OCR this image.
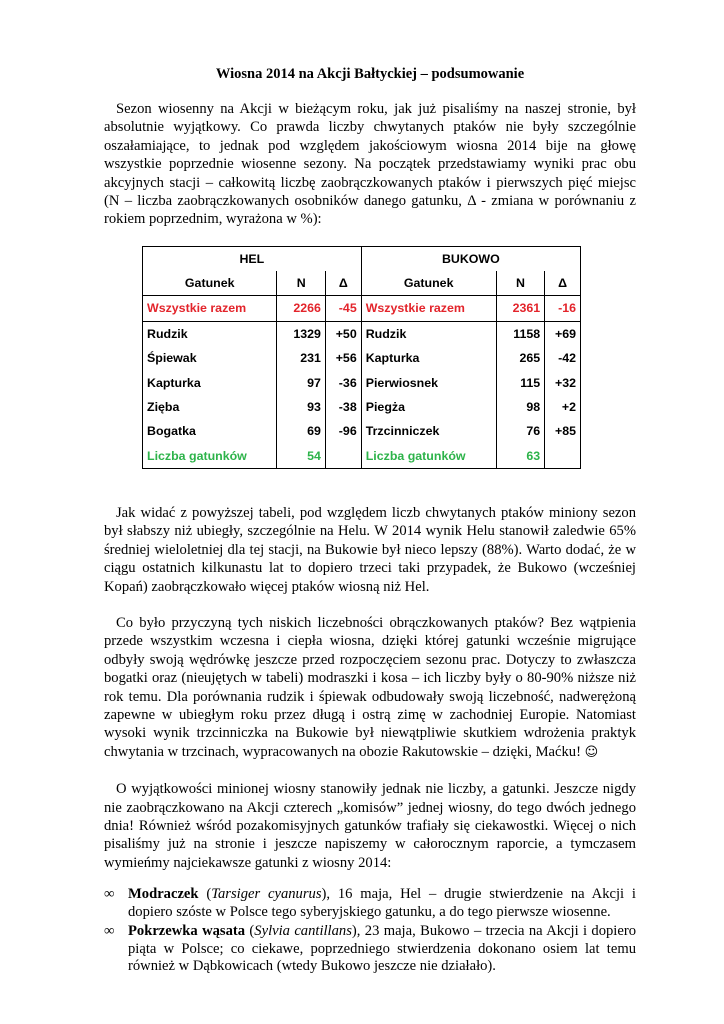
Wiosna 2014 na Akcji Bałtyckiej – podsumowanie

Sezon wiosenny na Akcji w bieżącym roku, jak już pisaliśmy na naszej stronie, był absolutnie wyjątkowy. Co prawda liczby chwytanych ptaków nie były szczególnie oszałamiające, to jednak pod względem jakościowym wiosna 2014 bije na głowę wszystkie poprzednie wiosenne sezony. Na początek przedstawiamy wyniki prac obu akcyjnych stacji – całkowitą liczbę zaobrączkowanych ptaków i pierwszych pięć miejsc (N – liczba zaobrączkowanych osobników danego gatunku, Δ - zmiana w porównaniu z rokiem poprzednim, wyrażona w %):

HEL			BUKOWO		
Gatunek	N	Δ	Gatunek	N	Δ
Wszystkie razem	2266	-45	Wszystkie razem	2361	-16
Rudzik	1329	+50	Rudzik	1158	+69
Śpiewak	231	+56	Kapturka	265	-42
Kapturka	97	-36	Pierwiosnek	115	+32
Zięba	93	-38	Piegża	98	+2
Bogatka	69	-96	Trzcinniczek	76	+85
Liczba gatunków	54		Liczba gatunków	63	

Jak widać z powyższej tabeli, pod względem liczb chwytanych ptaków miniony sezon był słabszy niż ubiegły, szczególnie na Helu. W 2014 wynik Helu stanowił zaledwie 65% średniej wieloletniej dla tej stacji, na Bukowie był nieco lepszy (88%). Warto dodać, że w ciągu ostatnich kilkunastu lat to dopiero trzeci taki przypadek, że Bukowo (wcześniej Kopań) zaobrączkowało więcej ptaków wiosną niż Hel.

Co było przyczyną tych niskich liczebności obrączkowanych ptaków? Bez wątpienia przede wszystkim wczesna i ciepła wiosna, dzięki której gatunki wcześnie migrujące odbyły swoją wędrówkę jeszcze przed rozpoczęciem sezonu prac. Dotyczy to zwłaszcza bogatki oraz (nieujętych w tabeli) modraszki i kosa – ich liczby były o 80-90% niższe niż rok temu. Dla porównania rudzik i śpiewak odbudowały swoją liczebność, nadwerężoną zapewne w ubiegłym roku przez długą i ostrą zimę w zachodniej Europie. Natomiast wysoki wynik trzcinniczka na Bukowie był niewątpliwie skutkiem wdrożenia praktyk chwytania w trzcinach, wypracowanych na obozie Rakutowskie – dzięki, Maćku! ☺

O wyjątkowości minionej wiosny stanowiły jednak nie liczby, a gatunki. Jeszcze nigdy nie zaobrączkowano na Akcji czterech „komisów” jednej wiosny, do tego dwóch jednego dnia! Również wśród pozakomisyjnych gatunków trafiały się ciekawostki. Więcej o nich pisaliśmy już na stronie i jeszcze napiszemy w całorocznym raporcie, a tymczasem wymieńmy najciekawsze gatunki z wiosny 2014:

∞ Modraczek (Tarsiger cyanurus), 16 maja, Hel – drugie stwierdzenie na Akcji i dopiero szóste w Polsce tego syberyjskiego gatunku, a do tego pierwsze wiosenne.
∞ Pokrzewka wąsata (Sylvia cantillans), 23 maja, Bukowo – trzecia na Akcji i dopiero piąta w Polsce; co ciekawe, poprzedniego stwierdzenia dokonano osiem lat temu również w Dąbkowicach (wtedy Bukowo jeszcze nie działało).
